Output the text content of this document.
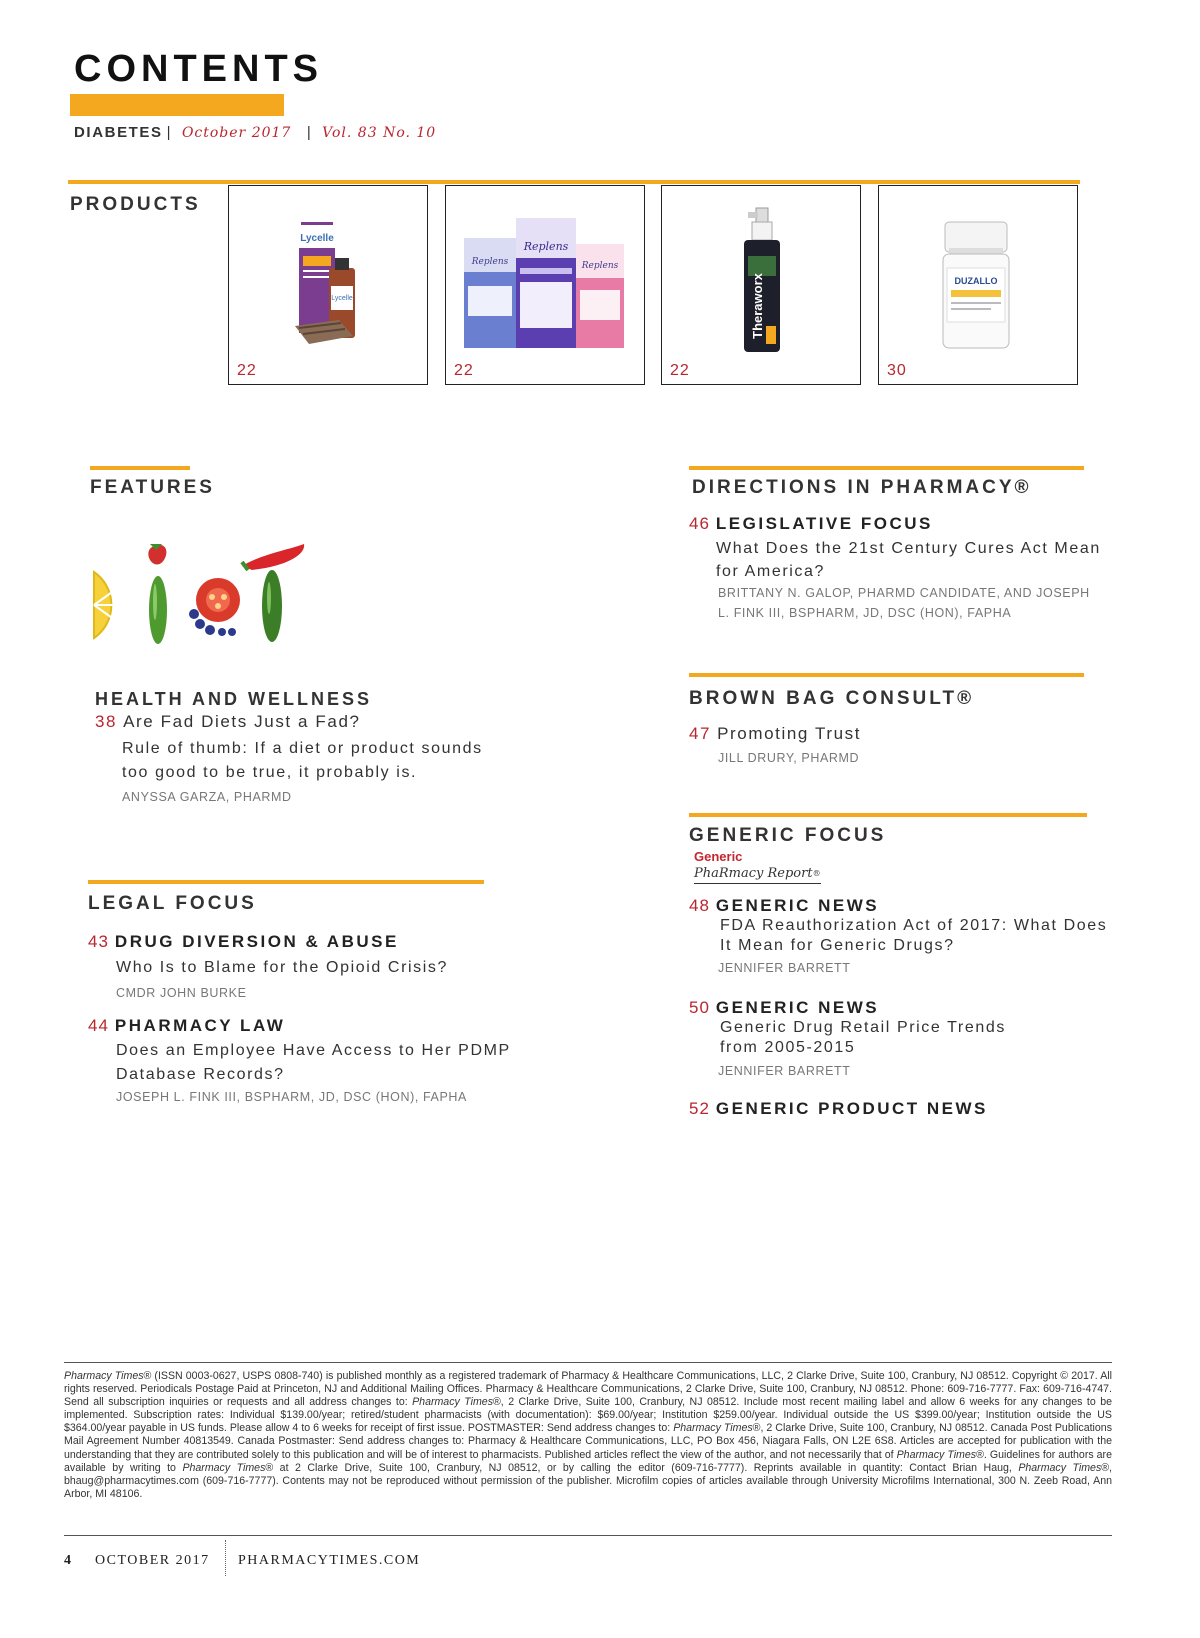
CONTENTS
DIABETES | October 2017  | Vol. 83 No. 10
PRODUCTS
Lycelle
Lycelle
22
Replens
Replens
Replens
22
Theraworx
22
DUZALLO
30
FEATURES
HEALTH AND WELLNESS
38 Are Fad Diets Just a Fad?
Rule of thumb: If a diet or product sounds
too good to be true, it probably is.
ANYSSA GARZA, PHARMD
LEGAL FOCUS
43 DRUG DIVERSION & ABUSE
Who Is to Blame for the Opioid Crisis?
CMDR JOHN BURKE
44 PHARMACY LAW
Does an Employee Have Access to Her PDMP
Database Records?
JOSEPH L. FINK III, BSPHARM, JD, DSC (HON), FAPHA
DIRECTIONS IN PHARMACY®
46 LEGISLATIVE FOCUS
What Does the 21st Century Cures Act Mean
for America?
BRITTANY N. GALOP, PHARMD CANDIDATE, AND JOSEPH
L. FINK III, BSPHARM, JD, DSC (HON), FAPHA
BROWN BAG CONSULT®
47 Promoting Trust
JILL DRURY, PHARMD
GENERIC FOCUS
Generic
PhaRmacy Report®
48 GENERIC NEWS
FDA Reauthorization Act of 2017: What Does
It Mean for Generic Drugs?
JENNIFER BARRETT
50 GENERIC NEWS
Generic Drug Retail Price Trends
from 2005-2015
JENNIFER BARRETT
52 GENERIC PRODUCT NEWS
Pharmacy Times® (ISSN 0003-0627, USPS 0808-740) is published monthly as a registered trademark of Pharmacy & Healthcare Communications, LLC, 2 Clarke Drive, Suite 100, Cranbury, NJ 08512. Copyright © 2017. All rights reserved. Periodicals Postage Paid at Princeton, NJ and Additional Mailing Offices. Pharmacy & Healthcare Communications, 2 Clarke Drive, Suite 100, Cranbury, NJ 08512. Phone: 609-716-7777. Fax: 609-716-4747. Send all subscription inquiries or requests and all address changes to: Pharmacy Times®, 2 Clarke Drive, Suite 100, Cranbury, NJ 08512. Include most recent mailing label and allow 6 weeks for any changes to be implemented. Subscription rates: Individual $139.00/year; retired/student pharmacists (with documentation): $69.00/year; Institution $259.00/year. Individual outside the US $399.00/year; Institution outside the US $364.00/year payable in US funds. Please allow 4 to 6 weeks for receipt of first issue. POSTMASTER: Send address changes to: Pharmacy Times®, 2 Clarke Drive, Suite 100, Cranbury, NJ 08512. Canada Post Publications Mail Agreement Number 40813549. Canada Postmaster: Send address changes to: Pharmacy & Healthcare Communications, LLC, PO Box 456, Niagara Falls, ON L2E 6S8. Articles are accepted for publication with the understanding that they are contributed solely to this publication and will be of interest to pharmacists. Published articles reflect the view of the author, and not necessarily that of Pharmacy Times®. Guidelines for authors are available by writing to Pharmacy Times® at 2 Clarke Drive, Suite 100, Cranbury, NJ 08512, or by calling the editor (609-716-7777). Reprints available in quantity: Contact Brian Haug, Pharmacy Times®, bhaug@pharmacytimes.com (609-716-7777). Contents may not be reproduced without permission of the publisher. Microfilm copies of articles available through University Microfilms International, 300 N. Zeeb Road, Ann Arbor, MI 48106.
4 OCTOBER 2017 PHARMACYTIMES.COM
